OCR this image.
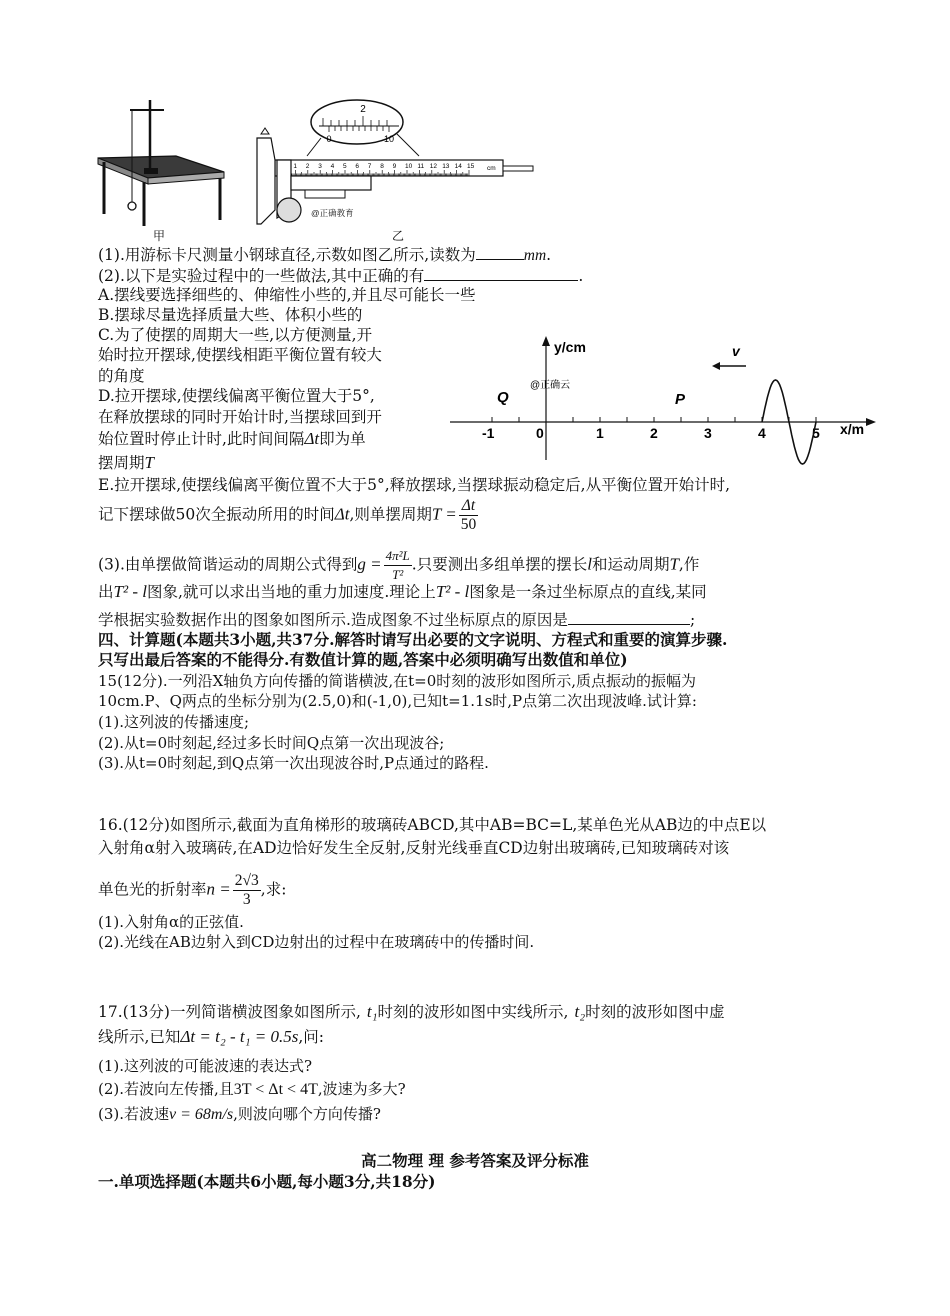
甲
2
0	10
1 2 3 4 5 6 7 8 9 10 11 12 13 14 15 cm
@正确教育
乙
(1).用游标卡尺测量小钢球直径,示数如图乙所示,读数为	mm.
(2).以下是实验过程中的一些做法,其中正确的有	.
A.摆线要选择细些的、伸缩性小些的,并且尽可能长一些
B.摆球尽量选择质量大些、体积小些的
C.为了使摆的周期大一些,以方便测量,开
始时拉开摆球,使摆线相距平衡位置有较大
的角度
D.拉开摆球,使摆线偏离平衡位置大于5°,
在释放摆球的同时开始计时,当摆球回到开
始位置时停止计时,此时间间隔Δt即为单
摆周期T
y/cm
x/m
-1	1	2	3	4	5
0
Q	P
@正确云
v
E.拉开摆球,使摆线偏离平衡位置不大于5°,释放摆球,当摆球振动稳定后,从平衡位置开始计时,
记下摆球做50次全振动所用的时间Δt,则单摆周期$T = \frac{\Delta t}{50}$
(3).由单摆做简谐运动的周期公式得到$g = \frac{\text{4π²L}}{\text{T²}}$ .只要测出多组单摆的摆长l和运动周期T,作
出T² - l图象,就可以求出当地的重力加速度.理论上T² - l图象是一条过坐标原点的直线,某同
学根据实验数据作出的图象如图所示.造成图象不过坐标原点的原因是	;
四、计算题(本题共3小题,共37分.解答时请写出必要的文字说明、方程式和重要的演算步骤.
只写出最后答案的不能得分.有数值计算的题,答案中必须明确写出数值和单位)
15(12分).一列沿X轴负方向传播的简谐横波,在t=0时刻的波形如图所示,质点振动的振幅为
10cm.P、Q两点的坐标分别为(2.5,0)和(-1,0),已知t=1.1s时,P点第二次出现波峰.试计算:
(1).这列波的传播速度;
(2).从t=0时刻起,经过多长时间Q点第一次出现波谷;
(3).从t=0时刻起,到Q点第一次出现波谷时,P点通过的路程.
16.(12分)如图所示,截面为直角梯形的玻璃砖ABCD,其中AB=BC=L,某单色光从AB边的中点E以
入射角α射入玻璃砖,在AD边恰好发生全反射,反射光线垂直CD边射出玻璃砖,已知玻璃砖对该
单色光的折射率$n = \frac{2√3}{3}$ ,求:
(1).入射角α的正弦值.
(2).光线在AB边射入到CD边射出的过程中在玻璃砖中的传播时间.
17.(13分)一列简谐横波图象如图所示, t₁时刻的波形如图中实线所示, t₂时刻的波形如图中虚
线所示,已知Δt = t₂ - t₁ = 0.5s,问:
(1).这列波的可能波速的表达式?
(2).若波向左传播,且3T < Δt < 4T,波速为多大?
(3).若波速v = 68m/s,则波向哪个方向传播?
高二物理 理 参考答案及评分标准
一.单项选择题(本题共6小题,每小题3分,共18分)
